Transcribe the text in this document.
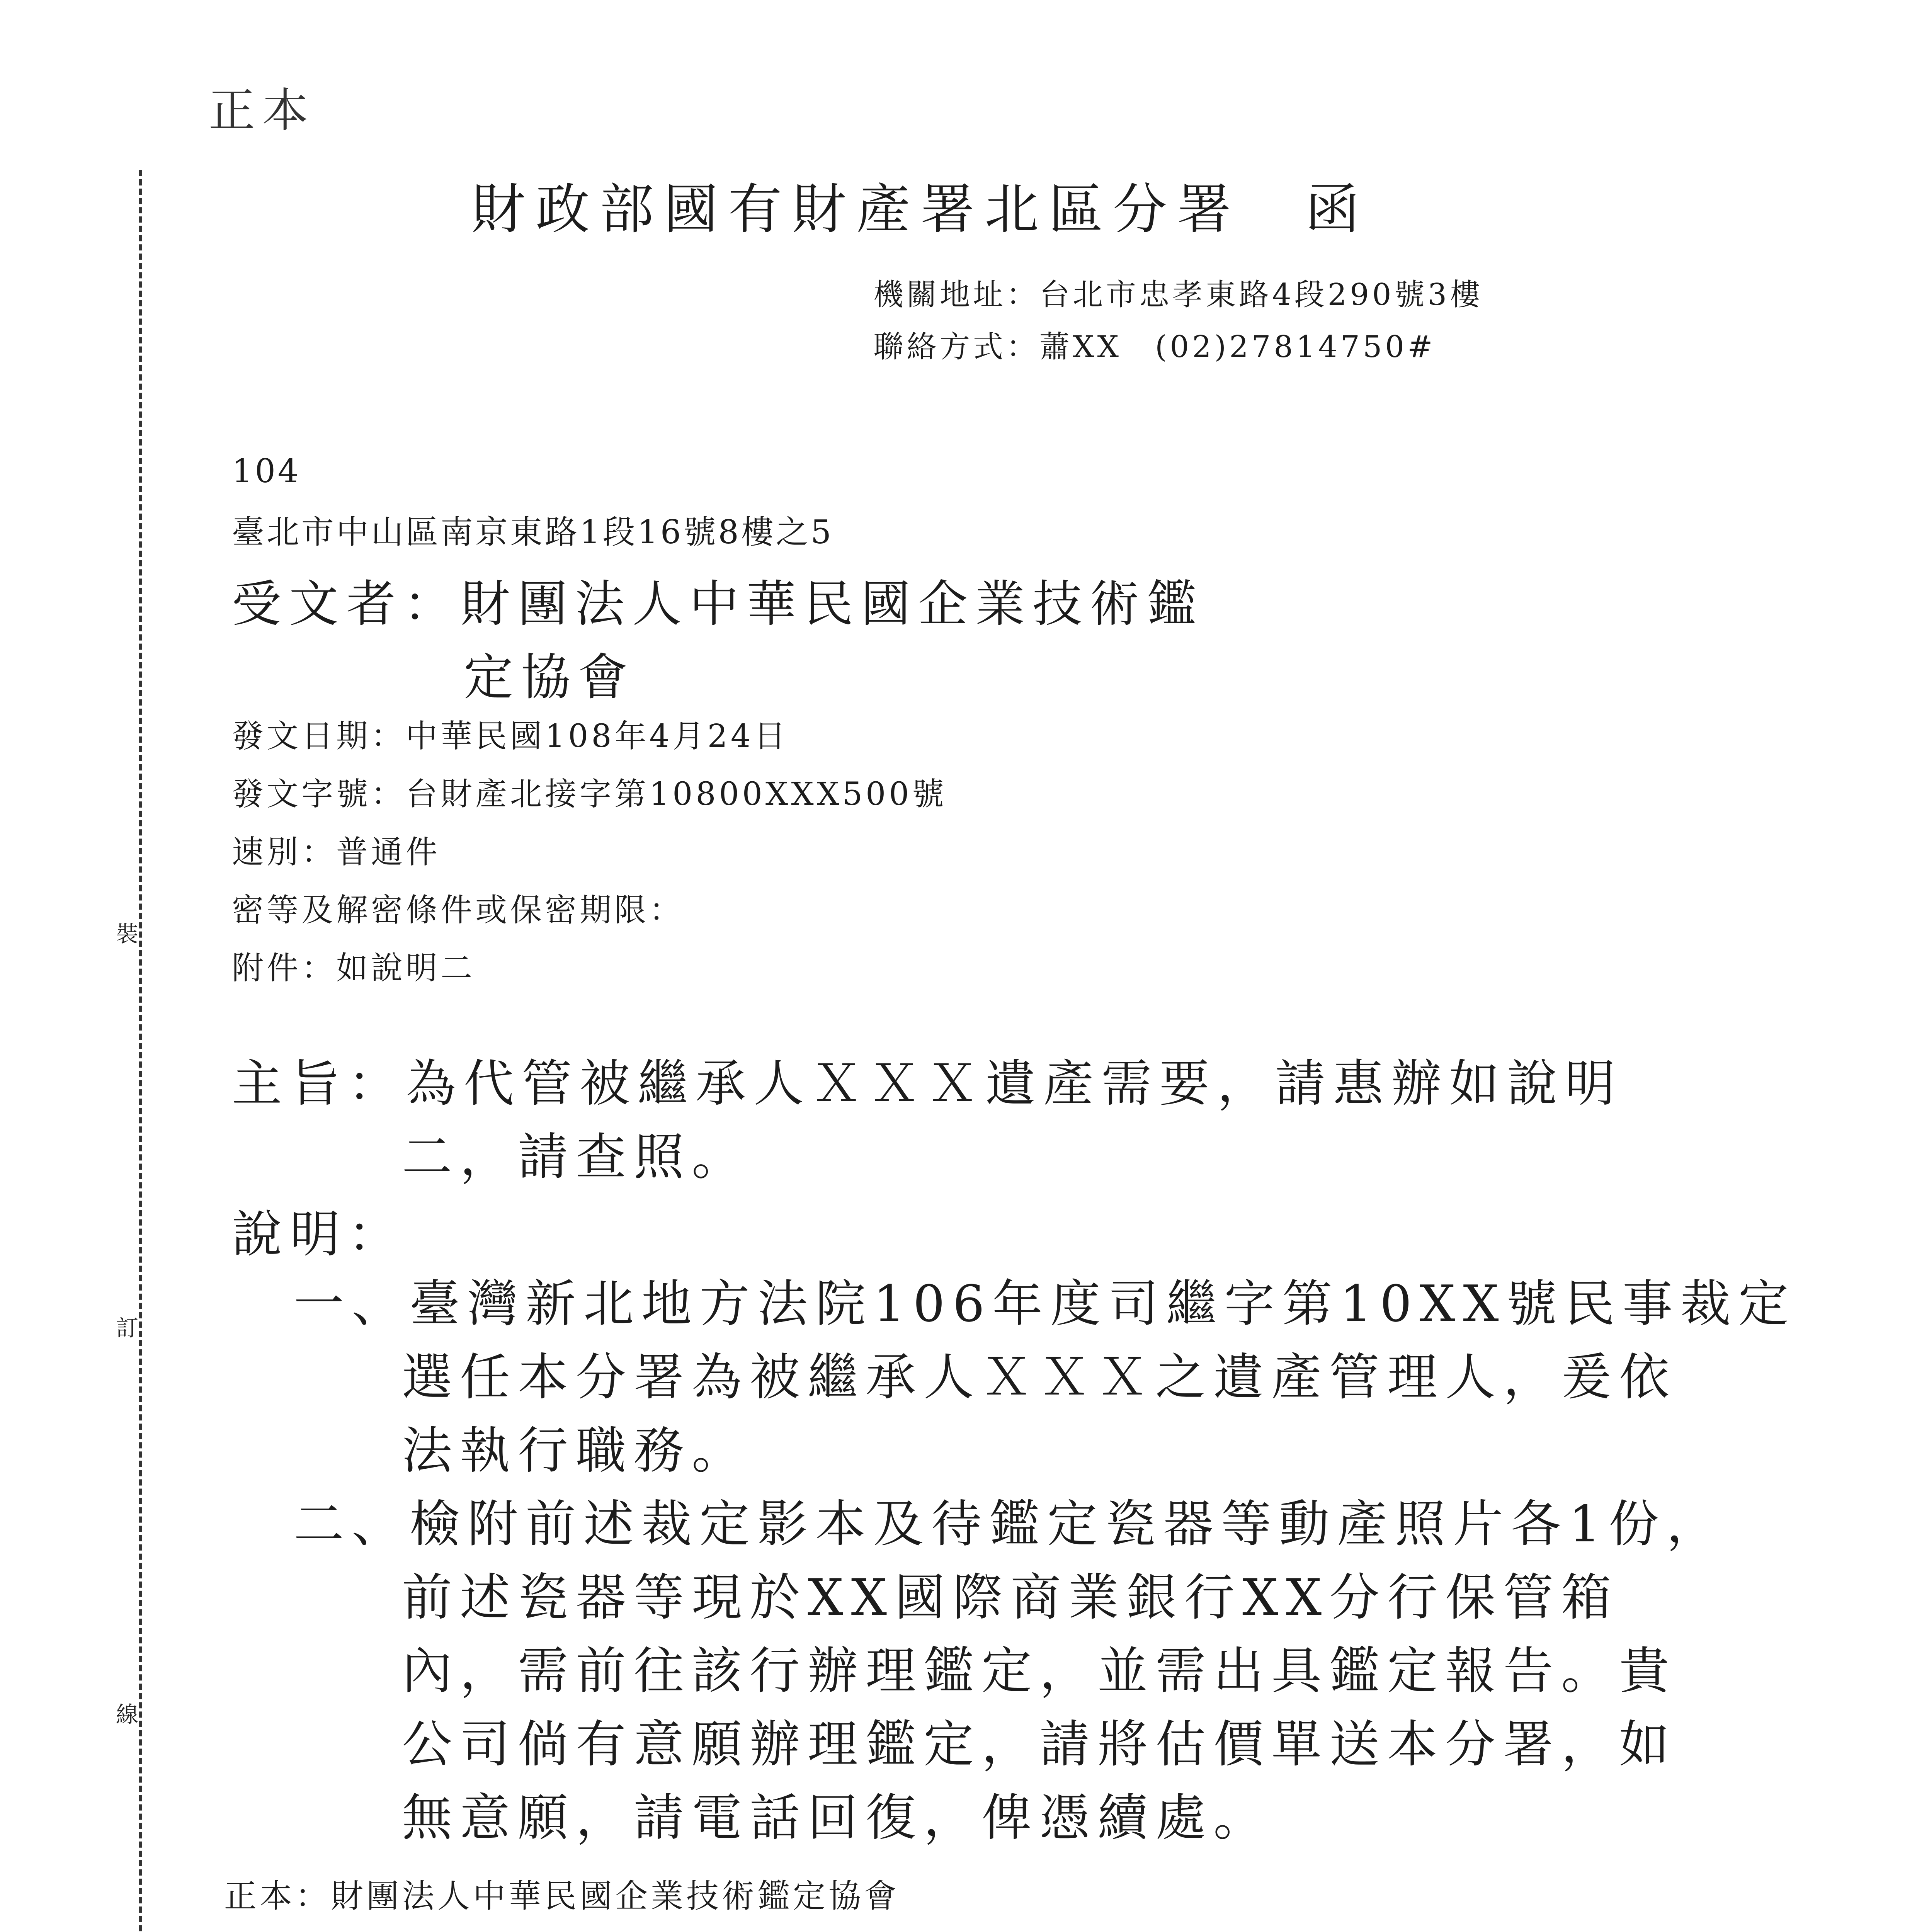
正本
裝
訂
線
財政部國有財產署北區分署　函
機關地址：台北市忠孝東路4段290號3樓
聯絡方式：蕭XX　(02)27814750#
104
臺北市中山區南京東路1段16號8樓之5
受文者：財團法人中華民國企業技術鑑
定協會
發文日期：中華民國108年4月24日
發文字號：台財產北接字第10800XXX500號
速別：普通件
密等及解密條件或保密期限：
附件：如說明二
主旨：為代管被繼承人ＸＸＸ遺產需要，請惠辦如說明
二，請查照。
說明：
一、臺灣新北地方法院106年度司繼字第10XX號民事裁定
選任本分署為被繼承人ＸＸＸ之遺產管理人，爰依
法執行職務。
二、檢附前述裁定影本及待鑑定瓷器等動產照片各1份，
前述瓷器等現於XX國際商業銀行XX分行保管箱
內，需前往該行辦理鑑定，並需出具鑑定報告。貴
公司倘有意願辦理鑑定，請將估價單送本分署，如
無意願，請電話回復，俾憑續處。
正本：財團法人中華民國企業技術鑑定協會
